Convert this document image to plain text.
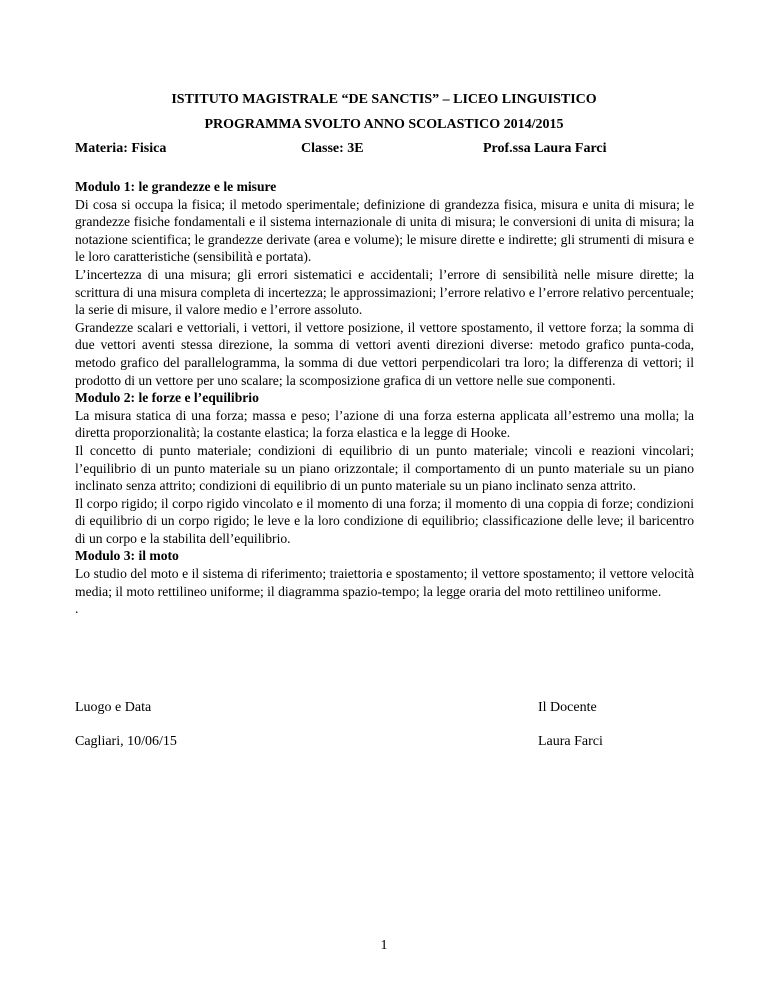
ISTITUTO MAGISTRALE “DE SANCTIS” – LICEO LINGUISTICO
PROGRAMMA SVOLTO ANNO SCOLASTICO 2014/2015
Materia: Fisica	Classe: 3E	Prof.ssa Laura Farci

Modulo 1: le grandezze e le misure

Di cosa si occupa la fisica; il metodo sperimentale; definizione di grandezza fisica, misura e unita di misura; le grandezze fisiche fondamentali e il sistema internazionale di unita di misura; le conversioni di unita di misura; la notazione scientifica; le grandezze derivate (area e volume); le misure dirette e indirette; gli strumenti di misura e le loro caratteristiche (sensibilità e portata).

L’incertezza di una misura; gli errori sistematici e accidentali; l’errore di sensibilità nelle misure dirette; la scrittura di una misura completa di incertezza; le approssimazioni; l’errore relativo e l’errore relativo percentuale; la serie di misure, il valore medio e l’errore assoluto.

Grandezze scalari e vettoriali, i vettori, il vettore posizione, il vettore spostamento, il vettore forza; la somma di due vettori aventi stessa direzione, la somma di vettori aventi direzioni diverse: metodo grafico punta-coda, metodo grafico del parallelogramma, la somma di due vettori perpendicolari tra loro; la differenza di vettori; il prodotto di un vettore per uno scalare; la scomposizione grafica di un vettore nelle sue componenti.

Modulo 2: le forze e l’equilibrio

La misura statica di una forza; massa e peso; l’azione di una forza esterna applicata all’estremo una molla; la diretta proporzionalità; la costante elastica; la forza elastica e la legge di Hooke.

Il concetto di punto materiale; condizioni di equilibrio di un punto materiale; vincoli e reazioni vincolari; l’equilibrio di un punto materiale su un piano orizzontale; il comportamento di un punto materiale su un piano inclinato senza attrito; condizioni di equilibrio di un punto materiale su un piano inclinato senza attrito.

Il corpo rigido; il corpo rigido vincolato e il momento di una forza; il momento di una coppia di forze; condizioni di equilibrio di un corpo rigido; le leve e la loro condizione di equilibrio; classificazione delle leve; il baricentro di un corpo e la stabilita dell’equilibrio.

Modulo 3: il moto

Lo studio del moto e il sistema di riferimento; traiettoria e spostamento; il vettore spostamento; il vettore velocità media; il moto rettilineo uniforme; il diagramma spazio-tempo; la legge oraria del moto rettilineo uniforme.

.

Luogo e Data	Il Docente
Cagliari, 10/06/15	Laura Farci
1
